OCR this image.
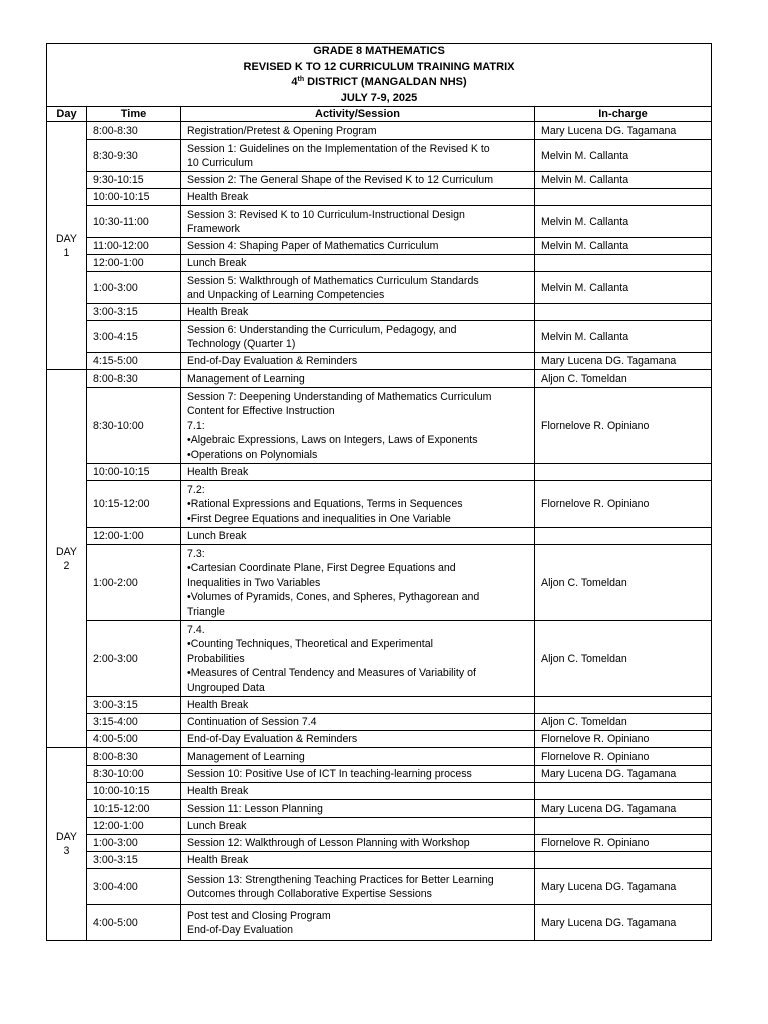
GRADE 8 MATHEMATICS
REVISED K TO 12 CURRICULUM TRAINING MATRIX
4th DISTRICT (MANGALDAN NHS)
JULY 7-9, 2025			

Day	Time	Activity/Session	In-charge

DAY
1	8:00-8:30	Registration/Pretest & Opening Program	Mary Lucena DG. Tagamana
	8:30-9:30	Session 1: Guidelines on the Implementation of the Revised K to
10 Curriculum	Melvin M. Callanta
	9:30-10:15	Session 2: The General Shape of the Revised K to 12 Curriculum	Melvin M. Callanta
	10:00-10:15	Health Break	

	10:30-11:00	Session 3: Revised K to 10 Curriculum-Instructional Design
Framework	Melvin M. Callanta
	11:00-12:00	Session 4: Shaping Paper of Mathematics Curriculum	Melvin M. Callanta
	12:00-1:00	Lunch Break	

	1:00-3:00	Session 5: Walkthrough of Mathematics Curriculum Standards
and Unpacking of Learning Competencies	Melvin M. Callanta
	3:00-3:15	Health Break	

	3:00-4:15	Session 6: Understanding the Curriculum, Pedagogy, and
Technology (Quarter 1)	Melvin M. Callanta
	4:15-5:00	End-of-Day Evaluation & Reminders	Mary Lucena DG. Tagamana

DAY
2	8:00-8:30	Management of Learning	Aljon C. Tomeldan
	8:30-10:00	Session 7: Deepening Understanding of Mathematics Curriculum
Content for Effective Instruction
7.1:
•Algebraic Expressions, Laws on Integers, Laws of Exponents
•Operations on Polynomials	Flornelove R. Opiniano
	10:00-10:15	Health Break	

	10:15-12:00	7.2:
•Rational Expressions and Equations, Terms in Sequences
•First Degree Equations and inequalities in One Variable	Flornelove R. Opiniano
	12:00-1:00	Lunch Break	

	1:00-2:00	7.3:
•Cartesian Coordinate Plane, First Degree Equations and
Inequalities in Two Variables
•Volumes of Pyramids, Cones, and Spheres, Pythagorean and
Triangle	Aljon C. Tomeldan
	2:00-3:00	7.4.
•Counting Techniques, Theoretical and Experimental
Probabilities
•Measures of Central Tendency and Measures of Variability of
Ungrouped Data	Aljon C. Tomeldan
	3:00-3:15	Health Break	

	3:15-4:00	Continuation of Session 7.4	Aljon C. Tomeldan
	4:00-5:00	End-of-Day Evaluation & Reminders	Flornelove R. Opiniano

DAY
3	8:00-8:30	Management of Learning	Flornelove R. Opiniano
	8:30-10:00	Session 10: Positive Use of ICT In teaching-learning process	Mary Lucena DG. Tagamana
	10:00-10:15	Health Break	

	10:15-12:00	Session 11: Lesson Planning	Mary Lucena DG. Tagamana
	12:00-1:00	Lunch Break	

	1:00-3:00	Session 12: Walkthrough of Lesson Planning with Workshop	Flornelove R. Opiniano
	3:00-3:15	Health Break	

	3:00-4:00	Session 13: Strengthening Teaching Practices for Better Learning
Outcomes through Collaborative Expertise Sessions	Mary Lucena DG. Tagamana
	4:00-5:00	Post test and Closing Program
End-of-Day Evaluation	Mary Lucena DG. Tagamana
